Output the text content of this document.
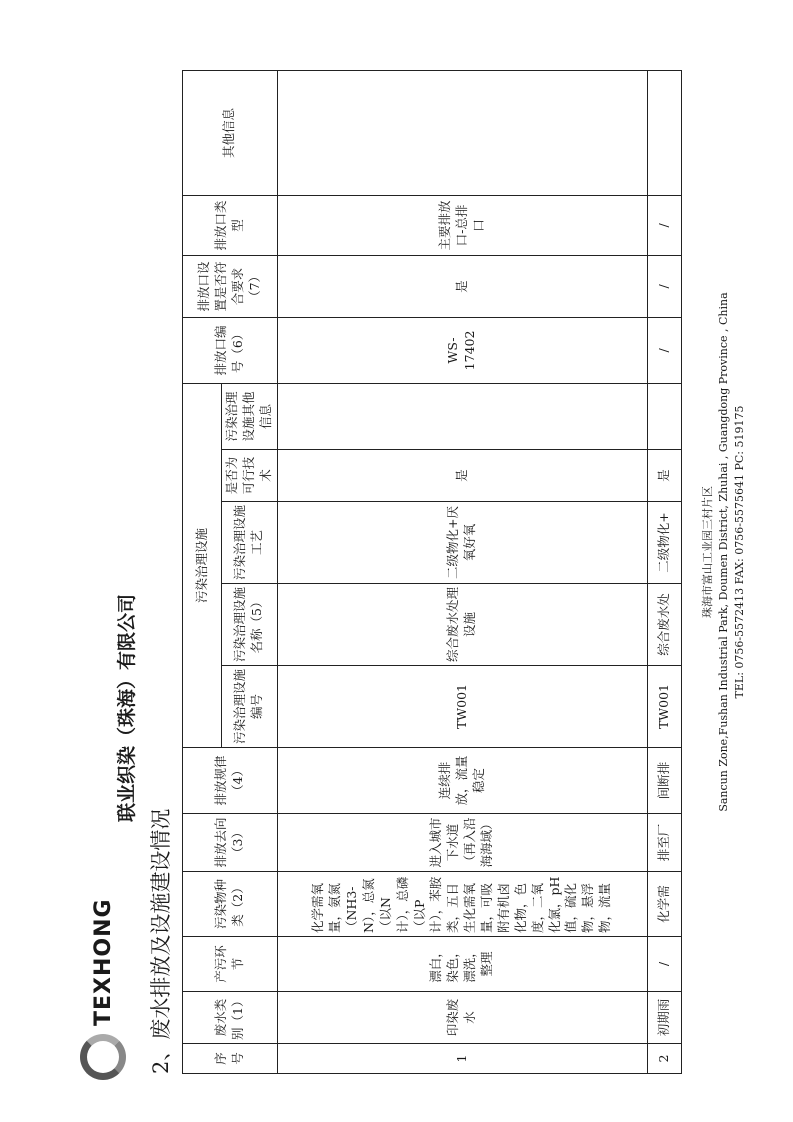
TEXHONG
联业织染（珠海）有限公司
2、废水排放及设施建设情况	序号	废水类别（1）	产污环节	污染物种类（2）	排放去向（3）	排放规律（4）	污染治理设施					排放口编号（6）	排放口设置是否符合要求（7）	排放口类型	其他信息
						污染治理设施编号	污染治理设施名称（5）	污染治理设施工艺	是否为可行技术	污染治理设施其他信息				
1	印染废水	漂白，染色，漂洗，整理	化学需氧量，氨氮（NH3-N），总氮（以N计），总磷（以P计），苯胺类，五日生化需氧量，可吸附有机卤化物，色度，二氧化氯，pH值，硫化物，悬浮物，流量	进入城市下水道（再入沿海海域）	连续排放，流量稳定	TW001	综合废水处理设施	二级物化+厌氧好氧	是		WS-17402	是	主要排放口-总排口	
2	初期雨	/	化学需	排至厂	间断排	TW001	综合废水处	二级物化+	是		/	/	/	
珠海市富山工业园三村片区 Sancun Zone,Fushan Industrial Park, Doumen District, Zhuhai , Guangdong Province , China TEL: 0756-5572413 FAX: 0756-5575641 PC: 519175
